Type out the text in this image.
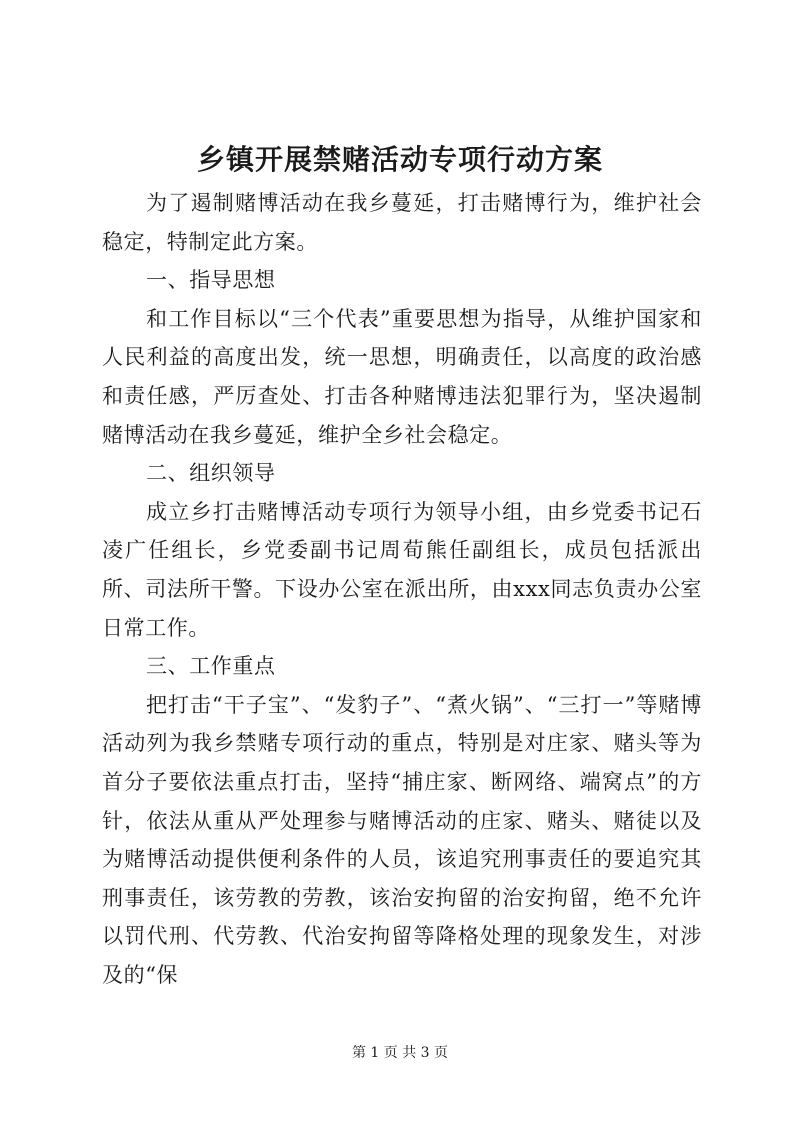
乡镇开展禁赌活动专项行动方案

为了遏制赌博活动在我乡蔓延，打击赌博行为，维护社会稳定，特制定此方案。

一、指导思想

和工作目标以“三个代表”重要思想为指导，从维护国家和人民利益的高度出发，统一思想，明确责任，以高度的政治感和责任感，严厉查处、打击各种赌博违法犯罪行为，坚决遏制赌博活动在我乡蔓延，维护全乡社会稳定。

二、组织领导

成立乡打击赌博活动专项行为领导小组，由乡党委书记石凌广任组长，乡党委副书记周荀熊任副组长，成员包括派出所、司法所干警。下设办公室在派出所，由xxx同志负责办公室日常工作。

三、工作重点

把打击“干子宝”、“发豹子”、“煮火锅”、“三打一”等赌博活动列为我乡禁赌专项行动的重点，特别是对庄家、赌头等为首分子要依法重点打击，坚持“捕庄家、断网络、端窝点”的方针，依法从重从严处理参与赌博活动的庄家、赌头、赌徒以及为赌博活动提供便利条件的人员，该追究刑事责任的要追究其刑事责任，该劳教的劳教，该治安拘留的治安拘留，绝不允许以罚代刑、代劳教、代治安拘留等降格处理的现象发生，对涉及的“保

第 1 页 共 3 页
